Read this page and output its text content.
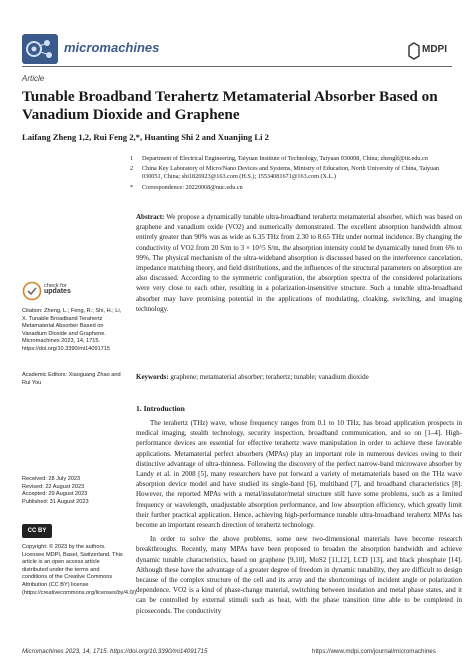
micromachines	MDPI
Article
Tunable Broadband Terahertz Metamaterial Absorber Based on Vanadium Dioxide and Graphene
Laifang Zheng 1,2, Rui Feng 2,*, Huanting Shi 2 and Xuanjing Li 2
1	Department of Electrical Engineering, Taiyuan Institute of Technology, Taiyuan 030008, China; zhenglf@tit.edu.cn
2	China Key Laboratory of Micro/Nano Devices and Systems, Ministry of Education, North University of China, Taiyuan 030051, China; shi1826923@163.com (H.S.); 15534081671@163.com (X.L.)
*	Correspondence: 20220068@nuc.edu.cn
Abstract: We propose a dynamically tunable ultra-broadband terahertz metamaterial absorber, which was based on graphene and vanadium oxide (VO2) and numerically demonstrated. The excellent absorption bandwidth almost entirely greater than 90% was as wide as 6.35 THz from 2.30 to 8.65 THz under normal incidence. By changing the conductivity of VO2 from 20 S/m to 3 × 10^5 S/m, the absorption intensity could be dynamically tuned from 6% to 99%. The physical mechanism of the ultra-wideband absorption is discussed based on the interference cancelation, impedance matching theory, and field distributions, and the influences of the structural parameters on absorption are also discussed. According to the symmetric configuration, the absorption spectra of the considered polarizations were very close to each other, resulting in a polarization-insensitive structure. Such a tunable ultra-broadband absorber may have promising potential in the applications of modulating, cloaking, switching, and imaging technology.
Keywords: graphene; metamaterial absorber; terahertz; tunable; vanadium dioxide
check for
updates
Citation: Zheng, L.; Feng, R.; Shi, H.; Li, X. Tunable Broadband Terahertz Metamaterial Absorber Based on Vanadium Dioxide and Graphene. Micromachines 2023, 14, 1715. https://doi.org/10.3390/mi14091715
Academic Editors: Xiaoguang Zhao and Rui You
Received: 28 July 2023
Revised: 22 August 2023
Accepted: 29 August 2023
Published: 31 August 2023
CC BY
Copyright: © 2023 by the authors. Licensee MDPI, Basel, Switzerland. This article is an open access article distributed under the terms and conditions of the Creative Commons Attribution (CC BY) license (https://creativecommons.org/licenses/by/4.0/).
1. Introduction

The terahertz (THz) wave, whose frequency ranges from 0.1 to 10 THz, has broad application prospects in medical imaging, stealth technology, security inspection, broadband communication, and so on [1–4]. High-performance devices are essential for effective terahertz wave manipulation in order to achieve these favorable applications. Metamaterial perfect absorbers (MPAs) play an important role in numerous devices owing to their distinctive advantage of ultra-thinness. Following the discovery of the perfect narrow-band microwave absorber by Landy et al. in 2008 [5], many researchers have put forward a variety of metamaterials based on the THz wave absorption device model and have studied its single-band [6], multiband [7], and broadband characteristics [8]. However, the reported MPAs with a metal/insulator/metal structure still have some problems, such as a limited frequency or wavelength, unadjustable absorption performance, and low absorption efficiency, which greatly limit their further practical application. Hence, achieving high-performance tunable ultra-broadband terahertz MPAs has become an important research direction of terahertz technology.

In order to solve the above problems, some new two-dimensional materials have become research breakthroughs. Recently, many MPAs have been proposed to broaden the absorption bandwidth and achieve dynamic tunable characteristics, based on graphene [9,10], MoS2 [11,12], LCD [13], and black phosphate [14]. Although these have the advantage of a greater degree of freedom in dynamic tunability, they are difficult to design because of the complex structure of the cell and its array and the shortcomings of incident angle or polarization dependence. VO2 is a kind of phase-change material, switching between insulation and metal phase states, and it can be controlled by external stimuli such as heat, with the phase transition time able to be completed in picoseconds. The conductivity

Micromachines 2023, 14, 1715. https://doi.org/10.3390/mi14091715	https://www.mdpi.com/journal/micromachines
